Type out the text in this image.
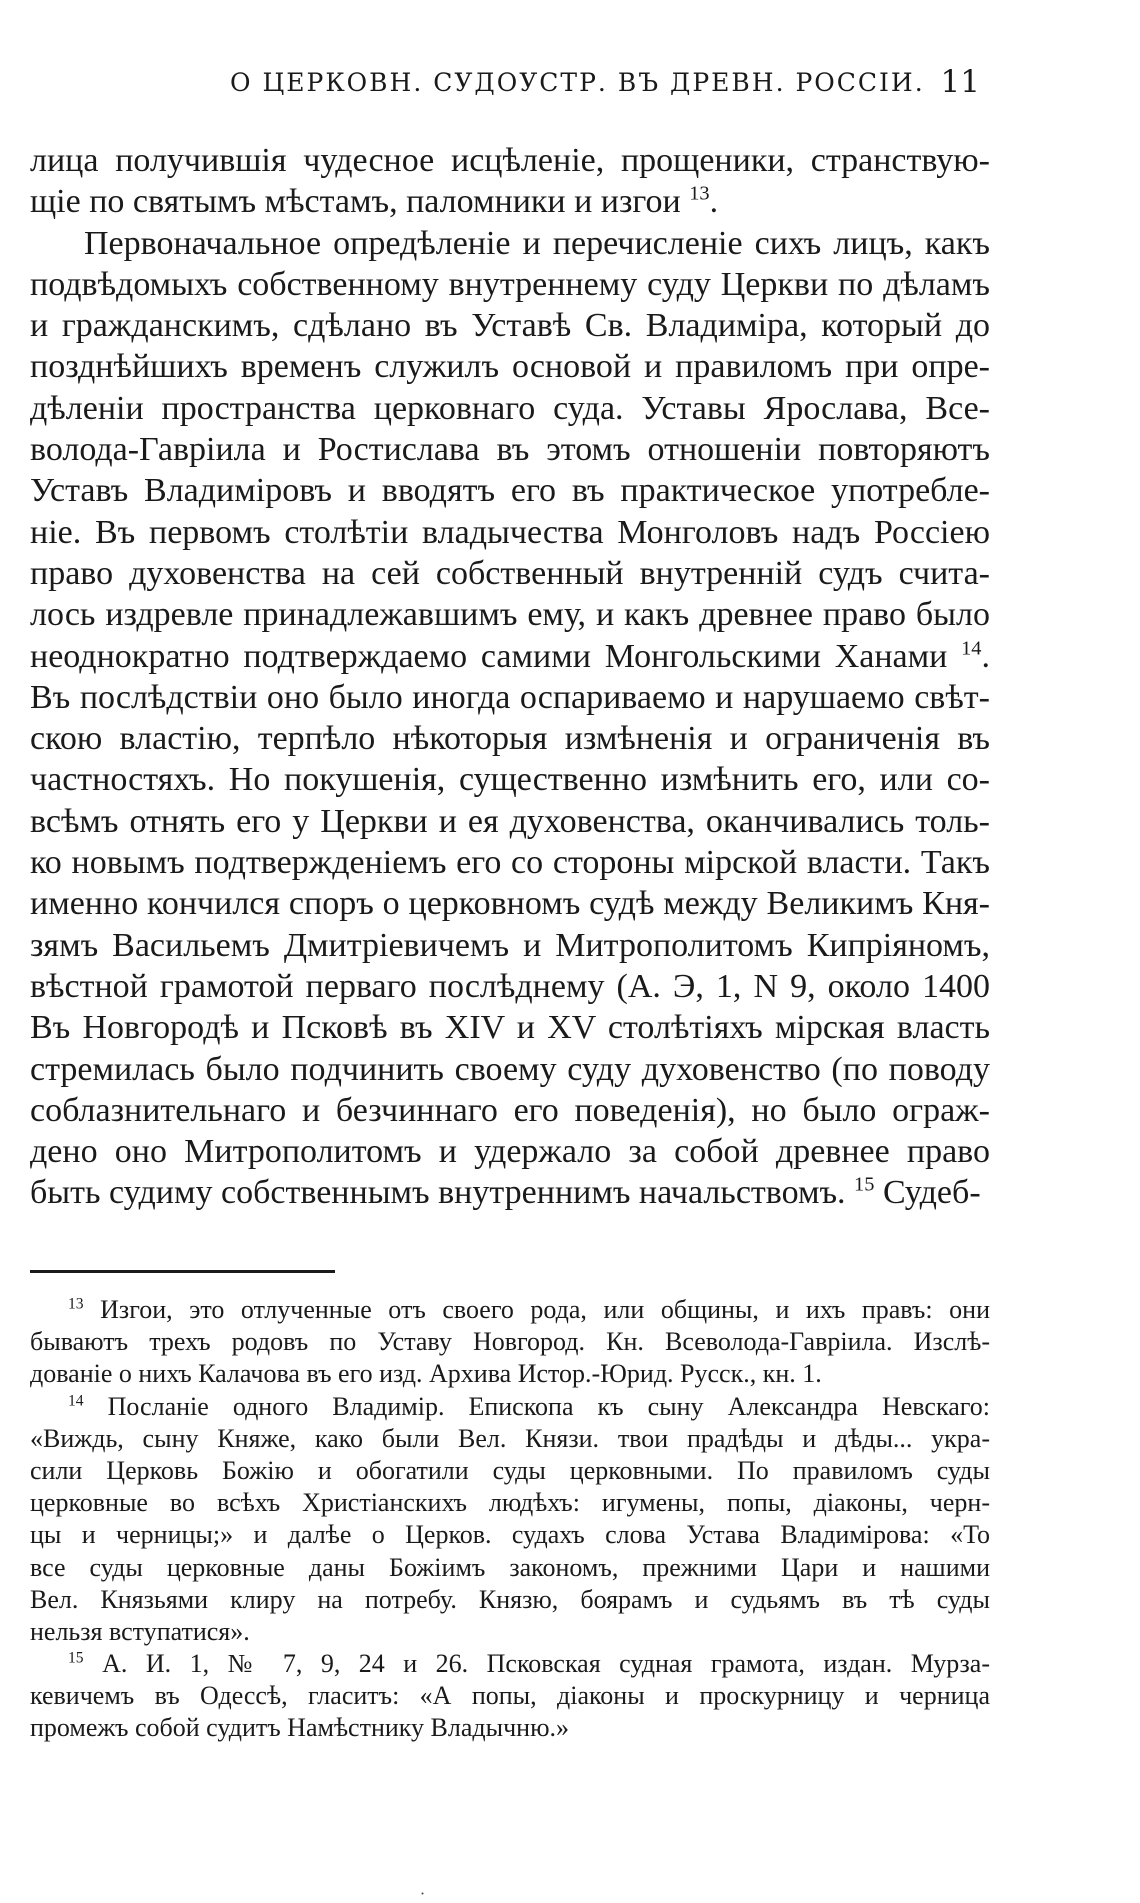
О ЦЕРКОВН. СУДОУСТР. ВЪ ДРЕВН. РОССІИ. 11
лица получившія чудесное исцѣленіе, прощеники, странствую-
щіе по святымъ мѣстамъ, паломники и изгои $^{13}$.
Первоначальное опредѣленіе и перечисленіе сихъ лицъ, какъ
подвѣдомыхъ собственному внутреннему суду Церкви по дѣламъ
и гражданскимъ, сдѣлано въ Уставѣ Св. Владиміра, который до
позднѣйшихъ временъ служилъ основой и правиломъ при опре-
дѣленіи пространства церковнаго суда. Уставы Ярослава, Все-
волода-Гавріила и Ростислава въ этомъ отношеніи повторяютъ
Уставъ Владиміровъ и вводятъ его въ практическое употребле-
ніе. Въ первомъ столѣтіи владычества Монголовъ надъ Россіею
право духовенства на сей собственный внутренній судъ счита-
лось издревле принадлежавшимъ ему, и какъ древнее право было
неоднократно подтверждаемо самими Монгольскими Ханами $^{14}$.
Въ послѣдствіи оно было иногда оспариваемо и нарушаемо свѣт-
скою властію, терпѣло нѣкоторыя измѣненія и ограниченія въ
частностяхъ. Но покушенія, существенно измѣнить его, или со-
всѣмъ отнять его у Церкви и ея духовенства, оканчивались толь-
ко новымъ подтвержденіемъ его со стороны мірской власти. Такъ
именно кончился споръ о церковномъ судѣ между Великимъ Кня-
зямъ Васильемъ Дмитріевичемъ и Митрополитомъ Кипріяномъ,
вѣстной грамотой перваго послѣднему (А. Э, 1, N 9, около 1400
Въ Новгородѣ и Псковѣ въ XIV и XV столѣтіяхъ мірская власть
стремилась было подчинить своему суду духовенство (по поводу
соблазнительнаго и безчиннаго его поведенія), но было ограж-
дено оно Митрополитомъ и удержало за собой древнее право
быть судиму собственнымъ внутреннимъ начальствомъ. $^{15}$ Судеб-
$^{13}$ Изгои, это отлученные отъ своего рода, или общины, и ихъ правъ: они
бываютъ трехъ родовъ по Уставу Новгород. Кн. Всеволода-Гавріила. Изслѣ-
дованіе о нихъ Калачова въ его изд. Архива Истор.-Юрид. Русск., кн. 1.
$^{14}$ Посланіе одного Владимір. Епископа къ сыну Александра Невскаго:
«Виждь, сыну Княже, како были Вел. Князи. твои прадѣды и дѣды... укра-
сили Церковь Божію и обогатили суды церковными. По правиломъ суды
церковные во всѣхъ Христіанскихъ людѣхъ: игумены, попы, діаконы, черн-
цы и черницы;» и далѣе о Церков. судахъ слова Устава Владимірова: «То
все суды церковные даны Божіимъ закономъ, прежними Цари и нашими
Вел. Князьями клиру на потребу. Князю, боярамъ и судьямъ въ тѣ суды
нельзя вступатися».
$^{15}$ А. И. 1, № 7, 9, 24 и 26. Псковская судная грамота, издан. Мурза-
кевичемъ въ Одессѣ, гласитъ: «А попы, діаконы и проскурницу и черница
промежъ собой судитъ Намѣстнику Владычню.»
·
